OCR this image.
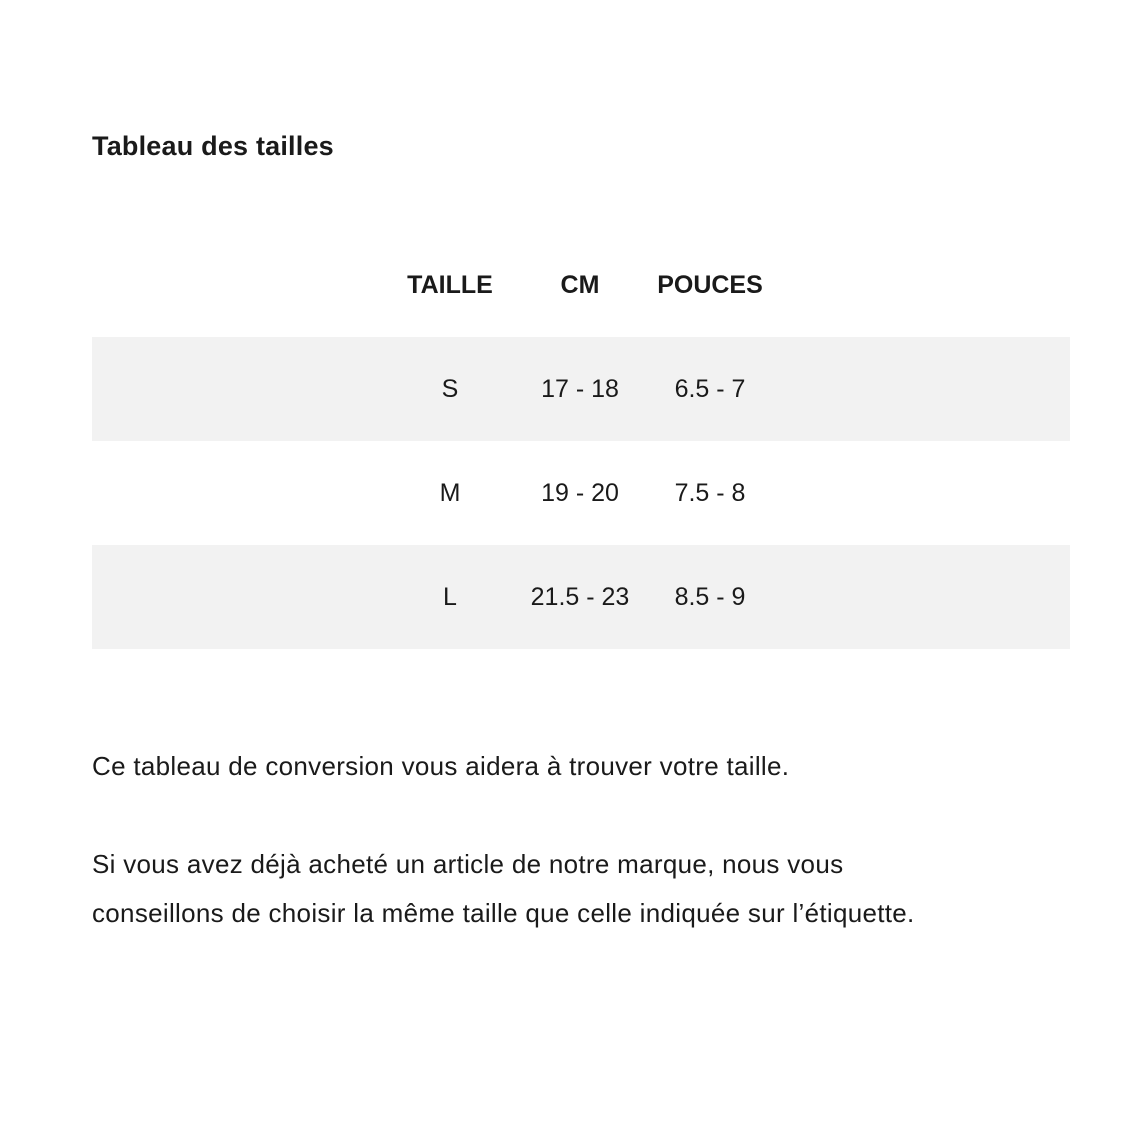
Tableau des tailles
TAILLE	CM	POUCES
S	17 - 18	6.5 - 7
M	19 - 20	7.5 - 8
L	21.5 - 23	8.5 - 9

Ce tableau de conversion vous aidera à trouver votre taille.

Si vous avez déjà acheté un article de notre marque, nous vous
conseillons de choisir la même taille que celle indiquée sur l’étiquette.
